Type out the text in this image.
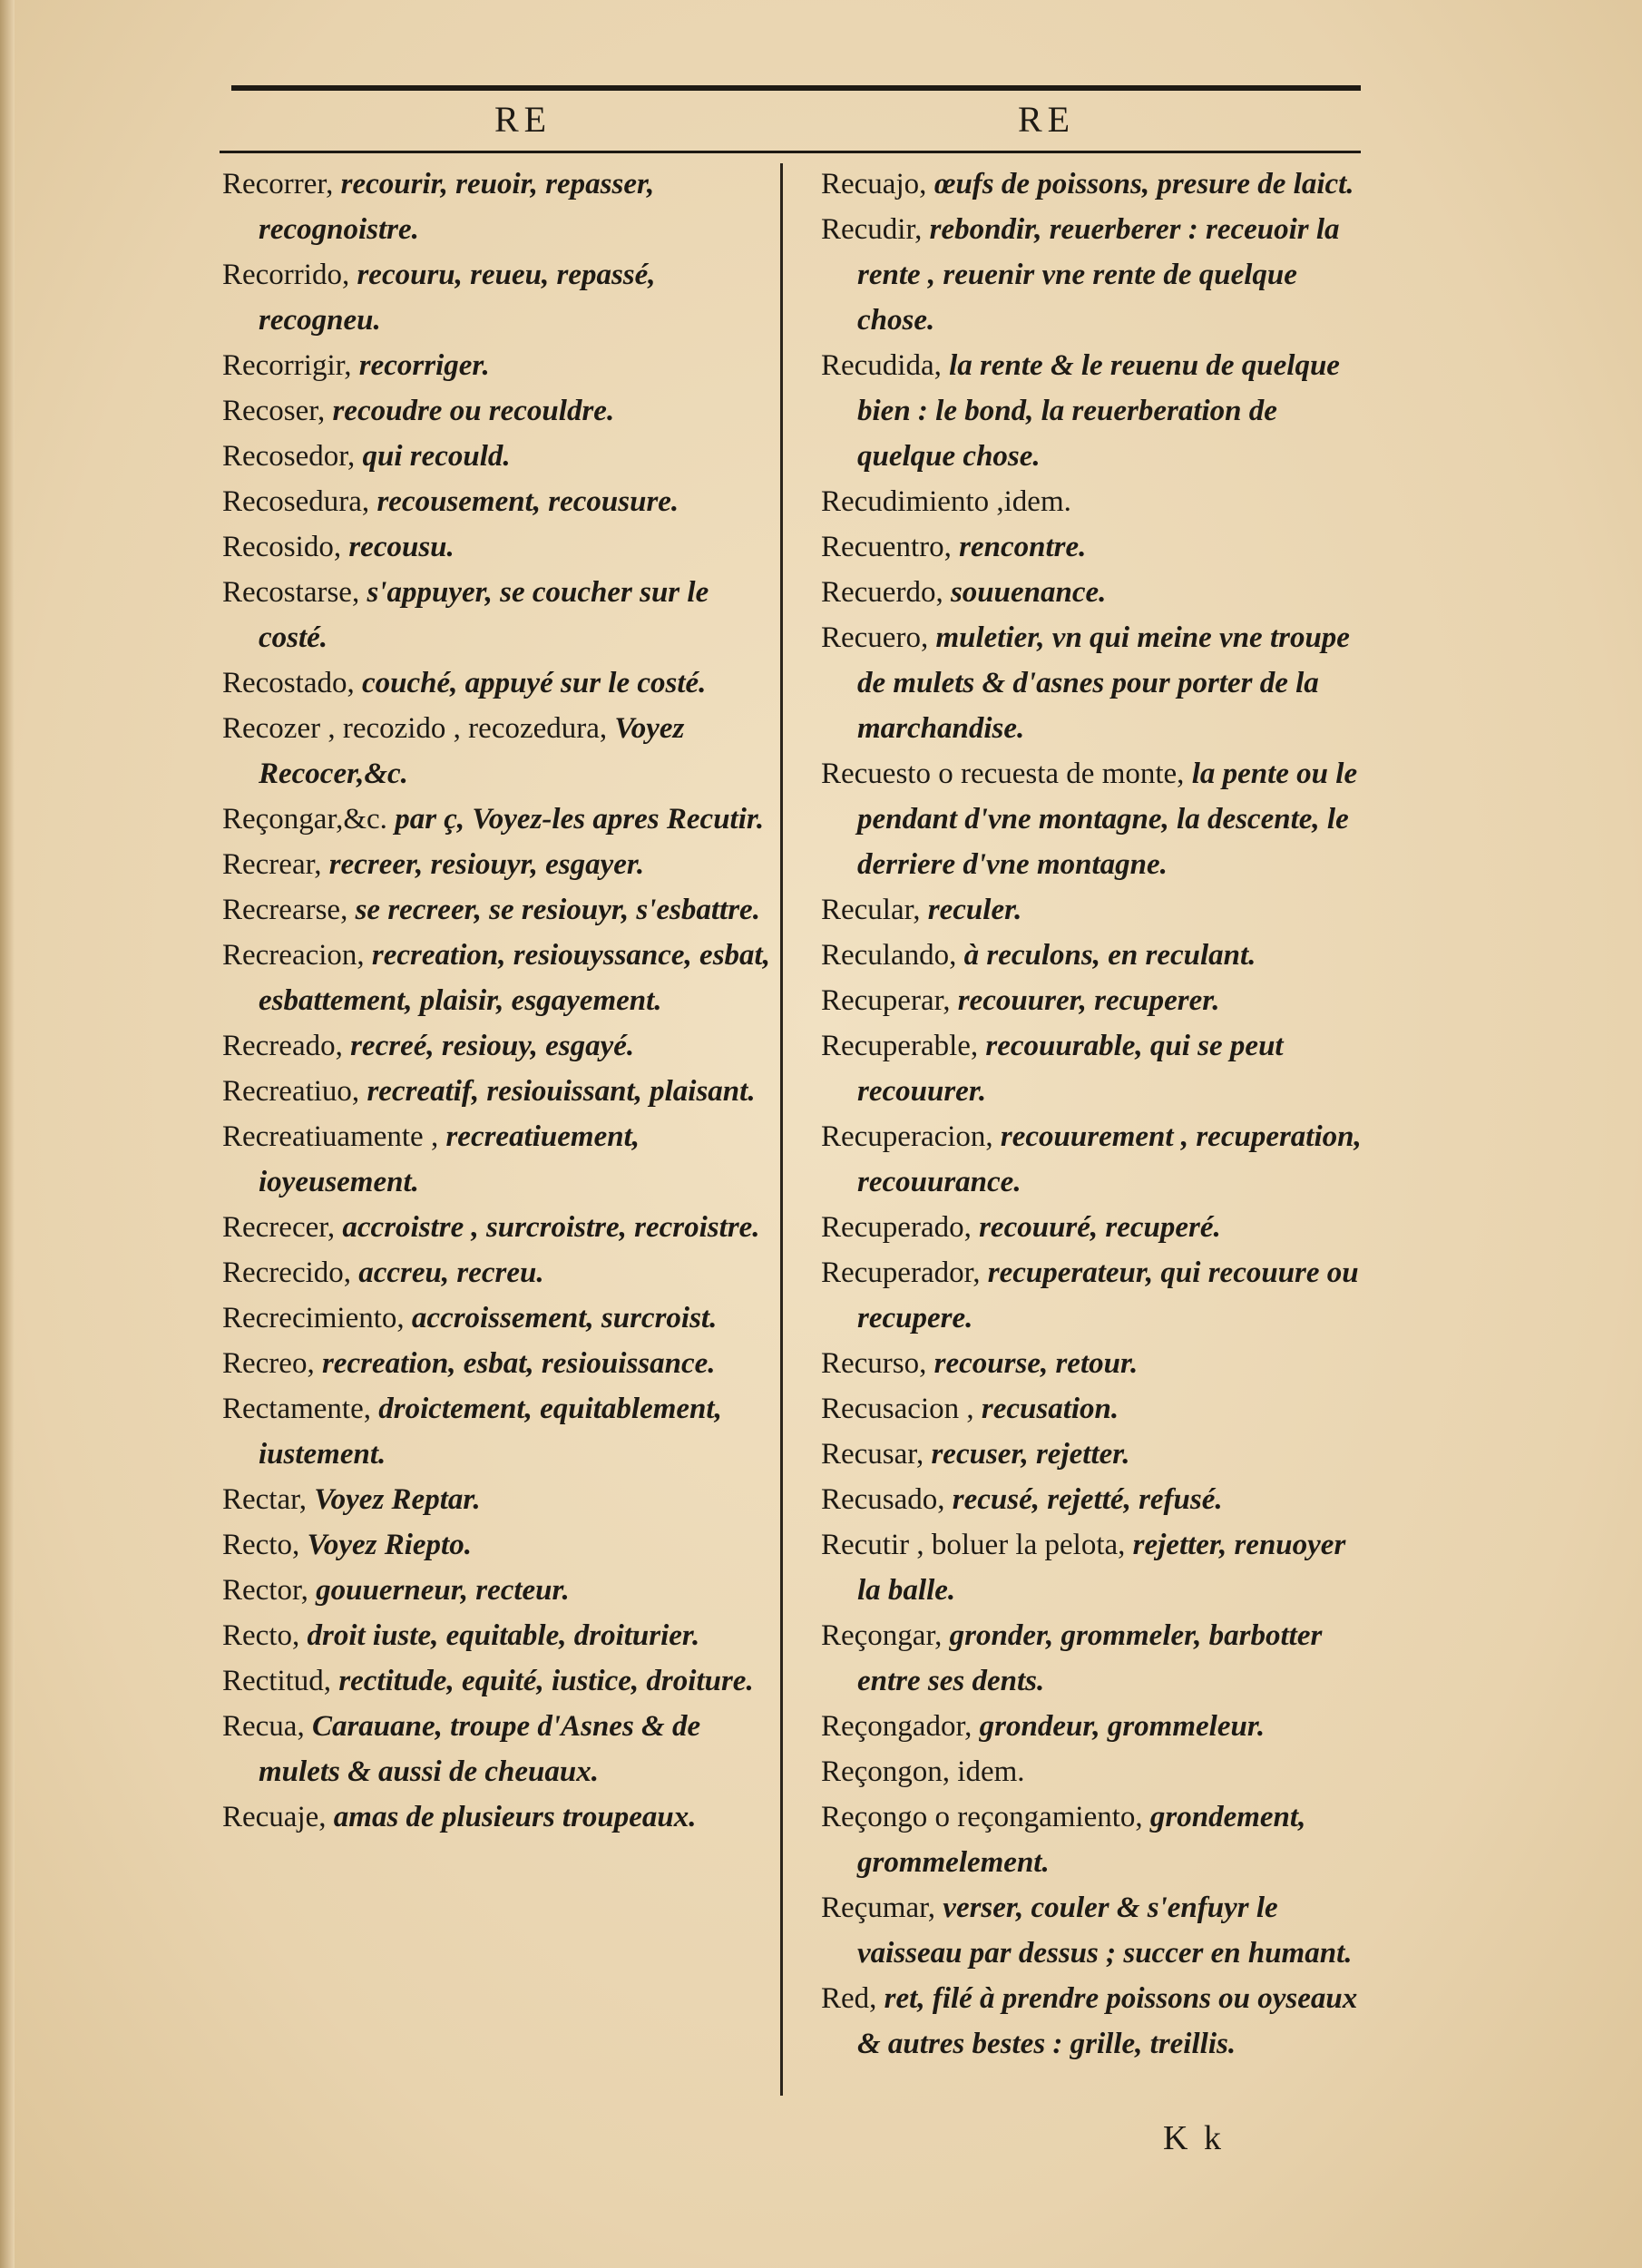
RE	RE

Recorrer, recourir, reuoir, repasser, recognoistre.

Recorrido, recouru, reueu, repassé, recogneu.

Recorrigir, recorriger.

Recoser, recoudre ou recouldre.

Recosedor, qui recould.

Recosedura, recousement, recousure.

Recosido, recousu.

Recostarse, s'appuyer, se coucher sur le costé.

Recostado, couché, appuyé sur le costé.

Recozer , recozido , recozedura, Voyez Recocer,&c.

Reçongar,&c. par ç, Voyez-les apres Recutir.

Recrear, recreer, resiouyr, esgayer.

Recrearse, se recreer, se resiouyr, s'esbattre.

Recreacion, recreation, resiouyssance, esbat, esbattement, plaisir, esgayement.

Recreado, recreé, resiouy, esgayé.

Recreatiuo, recreatif, resiouissant, plaisant.

Recreatiuamente , recreatiuement, ioyeusement.

Recrecer, accroistre , surcroistre, recroistre.

Recrecido, accreu, recreu.

Recrecimiento, accroissement, surcroist.

Recreo, recreation, esbat, resiouissance.

Rectamente, droictement, equitablement, iustement.

Rectar, Voyez Reptar.

Recto, Voyez Riepto.

Rector, gouuerneur, recteur.

Recto, droit iuste, equitable, droiturier.

Rectitud, rectitude, equité, iustice, droiture.

Recua, Carauane, troupe d'Asnes & de mulets & aussi de cheuaux.

Recuaje, amas de plusieurs troupeaux.

Recuajo, œufs de poissons, presure de laict.

Recudir, rebondir, reuerberer : receuoir la rente , reuenir vne rente de quelque chose.

Recudida, la rente & le reuenu de quelque bien : le bond, la reuerberation de quelque chose.

Recudimiento ,idem.

Recuentro, rencontre.

Recuerdo, souuenance.

Recuero, muletier, vn qui meine vne troupe de mulets & d'asnes pour porter de la marchandise.

Recuesto o recuesta de monte, la pente ou le pendant d'vne montagne, la descente, le derriere d'vne montagne.

Recular, reculer.

Reculando, à reculons, en reculant.

Recuperar, recouurer, recuperer.

Recuperable, recouurable, qui se peut recouurer.

Recuperacion, recouurement , recuperation, recouurance.

Recuperado, recouuré, recuperé.

Recuperador, recuperateur, qui recouure ou recupere.

Recurso, recourse, retour.

Recusacion , recusation.

Recusar, recuser, rejetter.

Recusado, recusé, rejetté, refusé.

Recutir , boluer la pelota, rejetter, renuoyer la balle.

Reçongar, gronder, grommeler, barbotter entre ses dents.

Reçongador, grondeur, grommeleur.

Reçongon, idem.

Reçongo o reçongamiento, grondement, grommelement.

Reçumar, verser, couler & s'enfuyr le vaisseau par dessus ; succer en humant.

Red, ret, filé à prendre poissons ou oyseaux & autres bestes : grille, treillis.

K k
